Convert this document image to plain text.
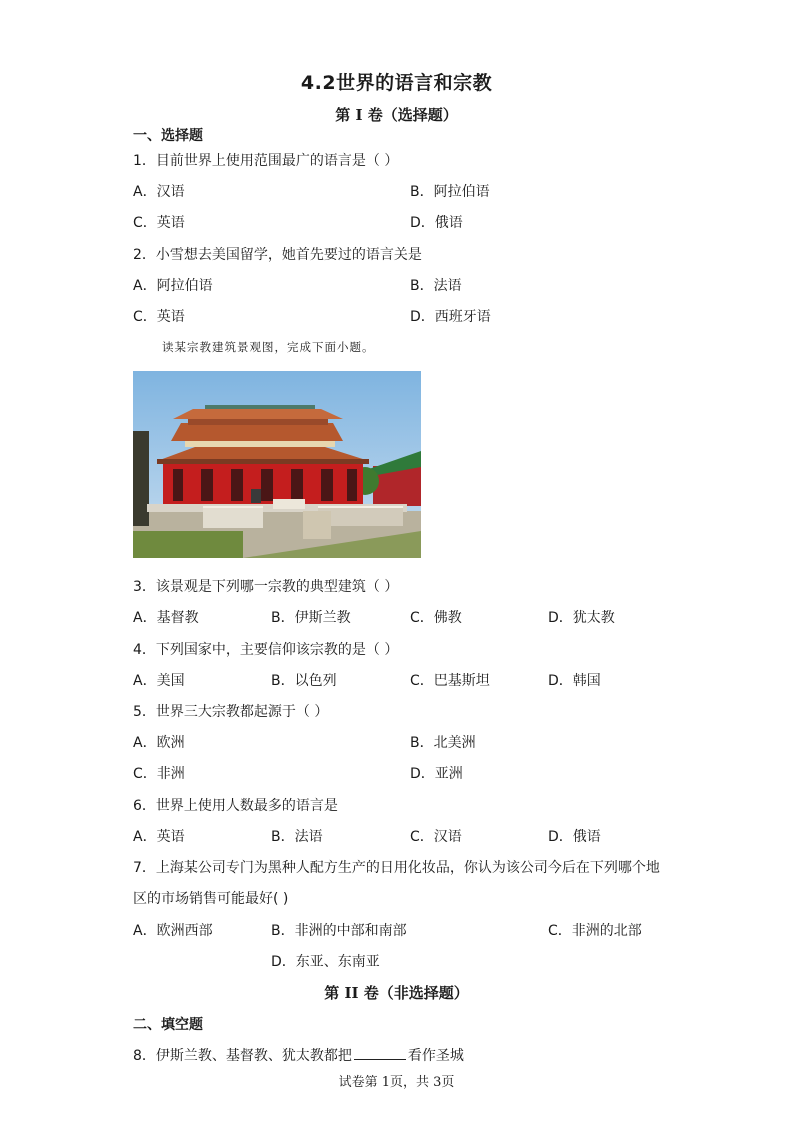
4.2世界的语言和宗教
第 I 卷（选择题）
一、选择题
1．目前世界上使用范围最广的语言是（ ）
A．汉语	B．阿拉伯语
C．英语	D．俄语
2．小雪想去美国留学，她首先要过的语言关是
A．阿拉伯语	B．法语
C．英语	D．西班牙语
读某宗教建筑景观图，完成下面小题。
3．该景观是下列哪一宗教的典型建筑（ ）
A．基督教	B．伊斯兰教	C．佛教	D．犹太教
4．下列国家中，主要信仰该宗教的是（ ）
A．美国	B．以色列	C．巴基斯坦	D．韩国
5．世界三大宗教都起源于（ ）
A．欧洲	B．北美洲
C．非洲	D．亚洲
6．世界上使用人数最多的语言是
A．英语	B．法语	C．汉语	D．俄语
7．上海某公司专门为黑种人配方生产的日用化妆品，你认为该公司今后在下列哪个地
区的市场销售可能最好( )
A．欧洲西部	B．非洲的中部和南部	C．非洲的北部
D．东亚、东南亚
第 II 卷（非选择题）
二、填空题
8．伊斯兰教、基督教、犹太教都把	看作圣城
试卷第 1页，共 3页
